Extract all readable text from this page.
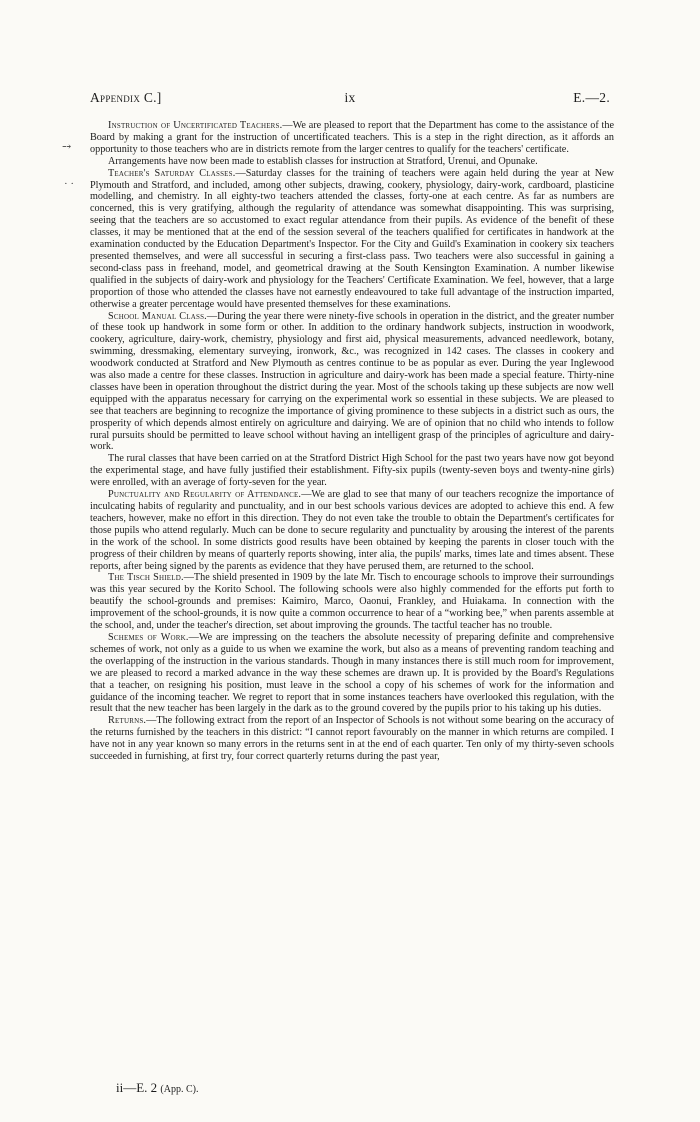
Appendix C.]	ix	E.—2.
⤍
· ·

Instruction of Uncertificated Teachers.—We are pleased to report that the Department has come to the assistance of the Board by making a grant for the instruction of uncertificated teachers. This is a step in the right direction, as it affords an opportunity to those teachers who are in districts remote from the larger centres to qualify for the teachers' certificate.

Arrangements have now been made to establish classes for instruction at Stratford, Urenui, and Opunake.

Teacher's Saturday Classes.—Saturday classes for the training of teachers were again held during the year at New Plymouth and Stratford, and included, among other subjects, drawing, cookery, physiology, dairy-work, cardboard, plasticine modelling, and chemistry. In all eighty-two teachers attended the classes, forty-one at each centre. As far as numbers are concerned, this is very gratifying, although the regularity of attendance was somewhat disappointing. This was surprising, seeing that the teachers are so accustomed to exact regular attendance from their pupils. As evidence of the benefit of these classes, it may be mentioned that at the end of the session several of the teachers qualified for certificates in handwork at the examination conducted by the Education Department's Inspector. For the City and Guild's Examination in cookery six teachers presented themselves, and were all successful in securing a first-class pass. Two teachers were also successful in gaining a second-class pass in freehand, model, and geometrical drawing at the South Kensington Examination. A number likewise qualified in the subjects of dairy-work and physiology for the Teachers' Certificate Examination. We feel, however, that a large proportion of those who attended the classes have not earnestly endeavoured to take full advantage of the instruction imparted, otherwise a greater percentage would have presented themselves for these examinations.

School Manual Class.—During the year there were ninety-five schools in operation in the district, and the greater number of these took up handwork in some form or other. In addition to the ordinary handwork subjects, instruction in woodwork, cookery, agriculture, dairy-work, chemistry, physiology and first aid, physical measurements, advanced needlework, botany, swimming, dressmaking, elementary surveying, ironwork, &c., was recognized in 142 cases. The classes in cookery and woodwork conducted at Stratford and New Plymouth as centres continue to be as popular as ever. During the year Inglewood was also made a centre for these classes. Instruction in agriculture and dairy-work has been made a special feature. Thirty-nine classes have been in operation throughout the district during the year. Most of the schools taking up these subjects are now well equipped with the apparatus necessary for carrying on the experimental work so essential in these subjects. We are pleased to see that teachers are beginning to recognize the importance of giving prominence to these subjects in a district such as ours, the prosperity of which depends almost entirely on agriculture and dairying. We are of opinion that no child who intends to follow rural pursuits should be permitted to leave school without having an intelligent grasp of the principles of agriculture and dairy-work.

The rural classes that have been carried on at the Stratford District High School for the past two years have now got beyond the experimental stage, and have fully justified their establishment. Fifty-six pupils (twenty-seven boys and twenty-nine girls) were enrolled, with an average of forty-seven for the year.

Punctuality and Regularity of Attendance.—We are glad to see that many of our teachers recognize the importance of inculcating habits of regularity and punctuality, and in our best schools various devices are adopted to achieve this end. A few teachers, however, make no effort in this direction. They do not even take the trouble to obtain the Department's certificates for those pupils who attend regularly. Much can be done to secure regularity and punctuality by arousing the interest of the parents in the work of the school. In some districts good results have been obtained by keeping the parents in closer touch with the progress of their children by means of quarterly reports showing, inter alia, the pupils' marks, times late and times absent. These reports, after being signed by the parents as evidence that they have perused them, are returned to the school.

The Tisch Shield.—The shield presented in 1909 by the late Mr. Tisch to encourage schools to improve their surroundings was this year secured by the Korito School. The following schools were also highly commended for the efforts put forth to beautify the school-grounds and premises: Kaimiro, Marco, Oaonui, Frankley, and Huiakama. In connection with the improvement of the school-grounds, it is now quite a common occurrence to hear of a “working bee,” when parents assemble at the school, and, under the teacher's direction, set about improving the grounds. The tactful teacher has no trouble.

Schemes of Work.—We are impressing on the teachers the absolute necessity of preparing definite and comprehensive schemes of work, not only as a guide to us when we examine the work, but also as a means of preventing random teaching and the overlapping of the instruction in the various standards. Though in many instances there is still much room for improvement, we are pleased to record a marked advance in the way these schemes are drawn up. It is provided by the Board's Regulations that a teacher, on resigning his position, must leave in the school a copy of his schemes of work for the information and guidance of the incoming teacher. We regret to report that in some instances teachers have overlooked this regulation, with the result that the new teacher has been largely in the dark as to the ground covered by the pupils prior to his taking up his duties.

Returns.—The following extract from the report of an Inspector of Schools is not without some bearing on the accuracy of the returns furnished by the teachers in this district: “I cannot report favourably on the manner in which returns are compiled. I have not in any year known so many errors in the returns sent in at the end of each quarter. Ten only of my thirty-seven schools succeeded in furnishing, at first try, four correct quarterly returns during the past year,

ii—E. 2 (App. C).
